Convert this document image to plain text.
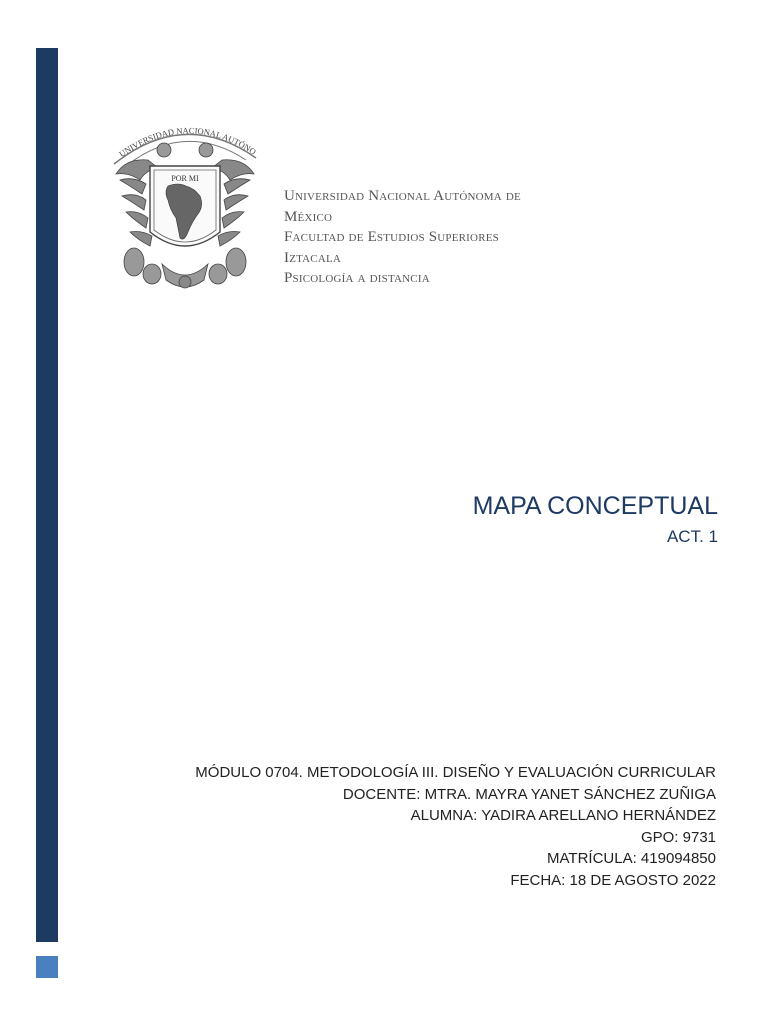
UNIVERSIDAD NACIONAL AUTÓNO
POR MI
Universidad Nacional Autónoma de
México
Facultad de Estudios Superiores
Iztacala
Psicología a distancia
MAPA CONCEPTUAL
ACT. 1
MÓDULO 0704. METODOLOGÍA III. DISEÑO Y EVALUACIÓN CURRICULAR
DOCENTE: MTRA. MAYRA YANET SÁNCHEZ ZUÑIGA
ALUMNA: YADIRA ARELLANO HERNÁNDEZ
GPO: 9731
MATRÍCULA: 419094850
FECHA: 18 DE AGOSTO 2022
